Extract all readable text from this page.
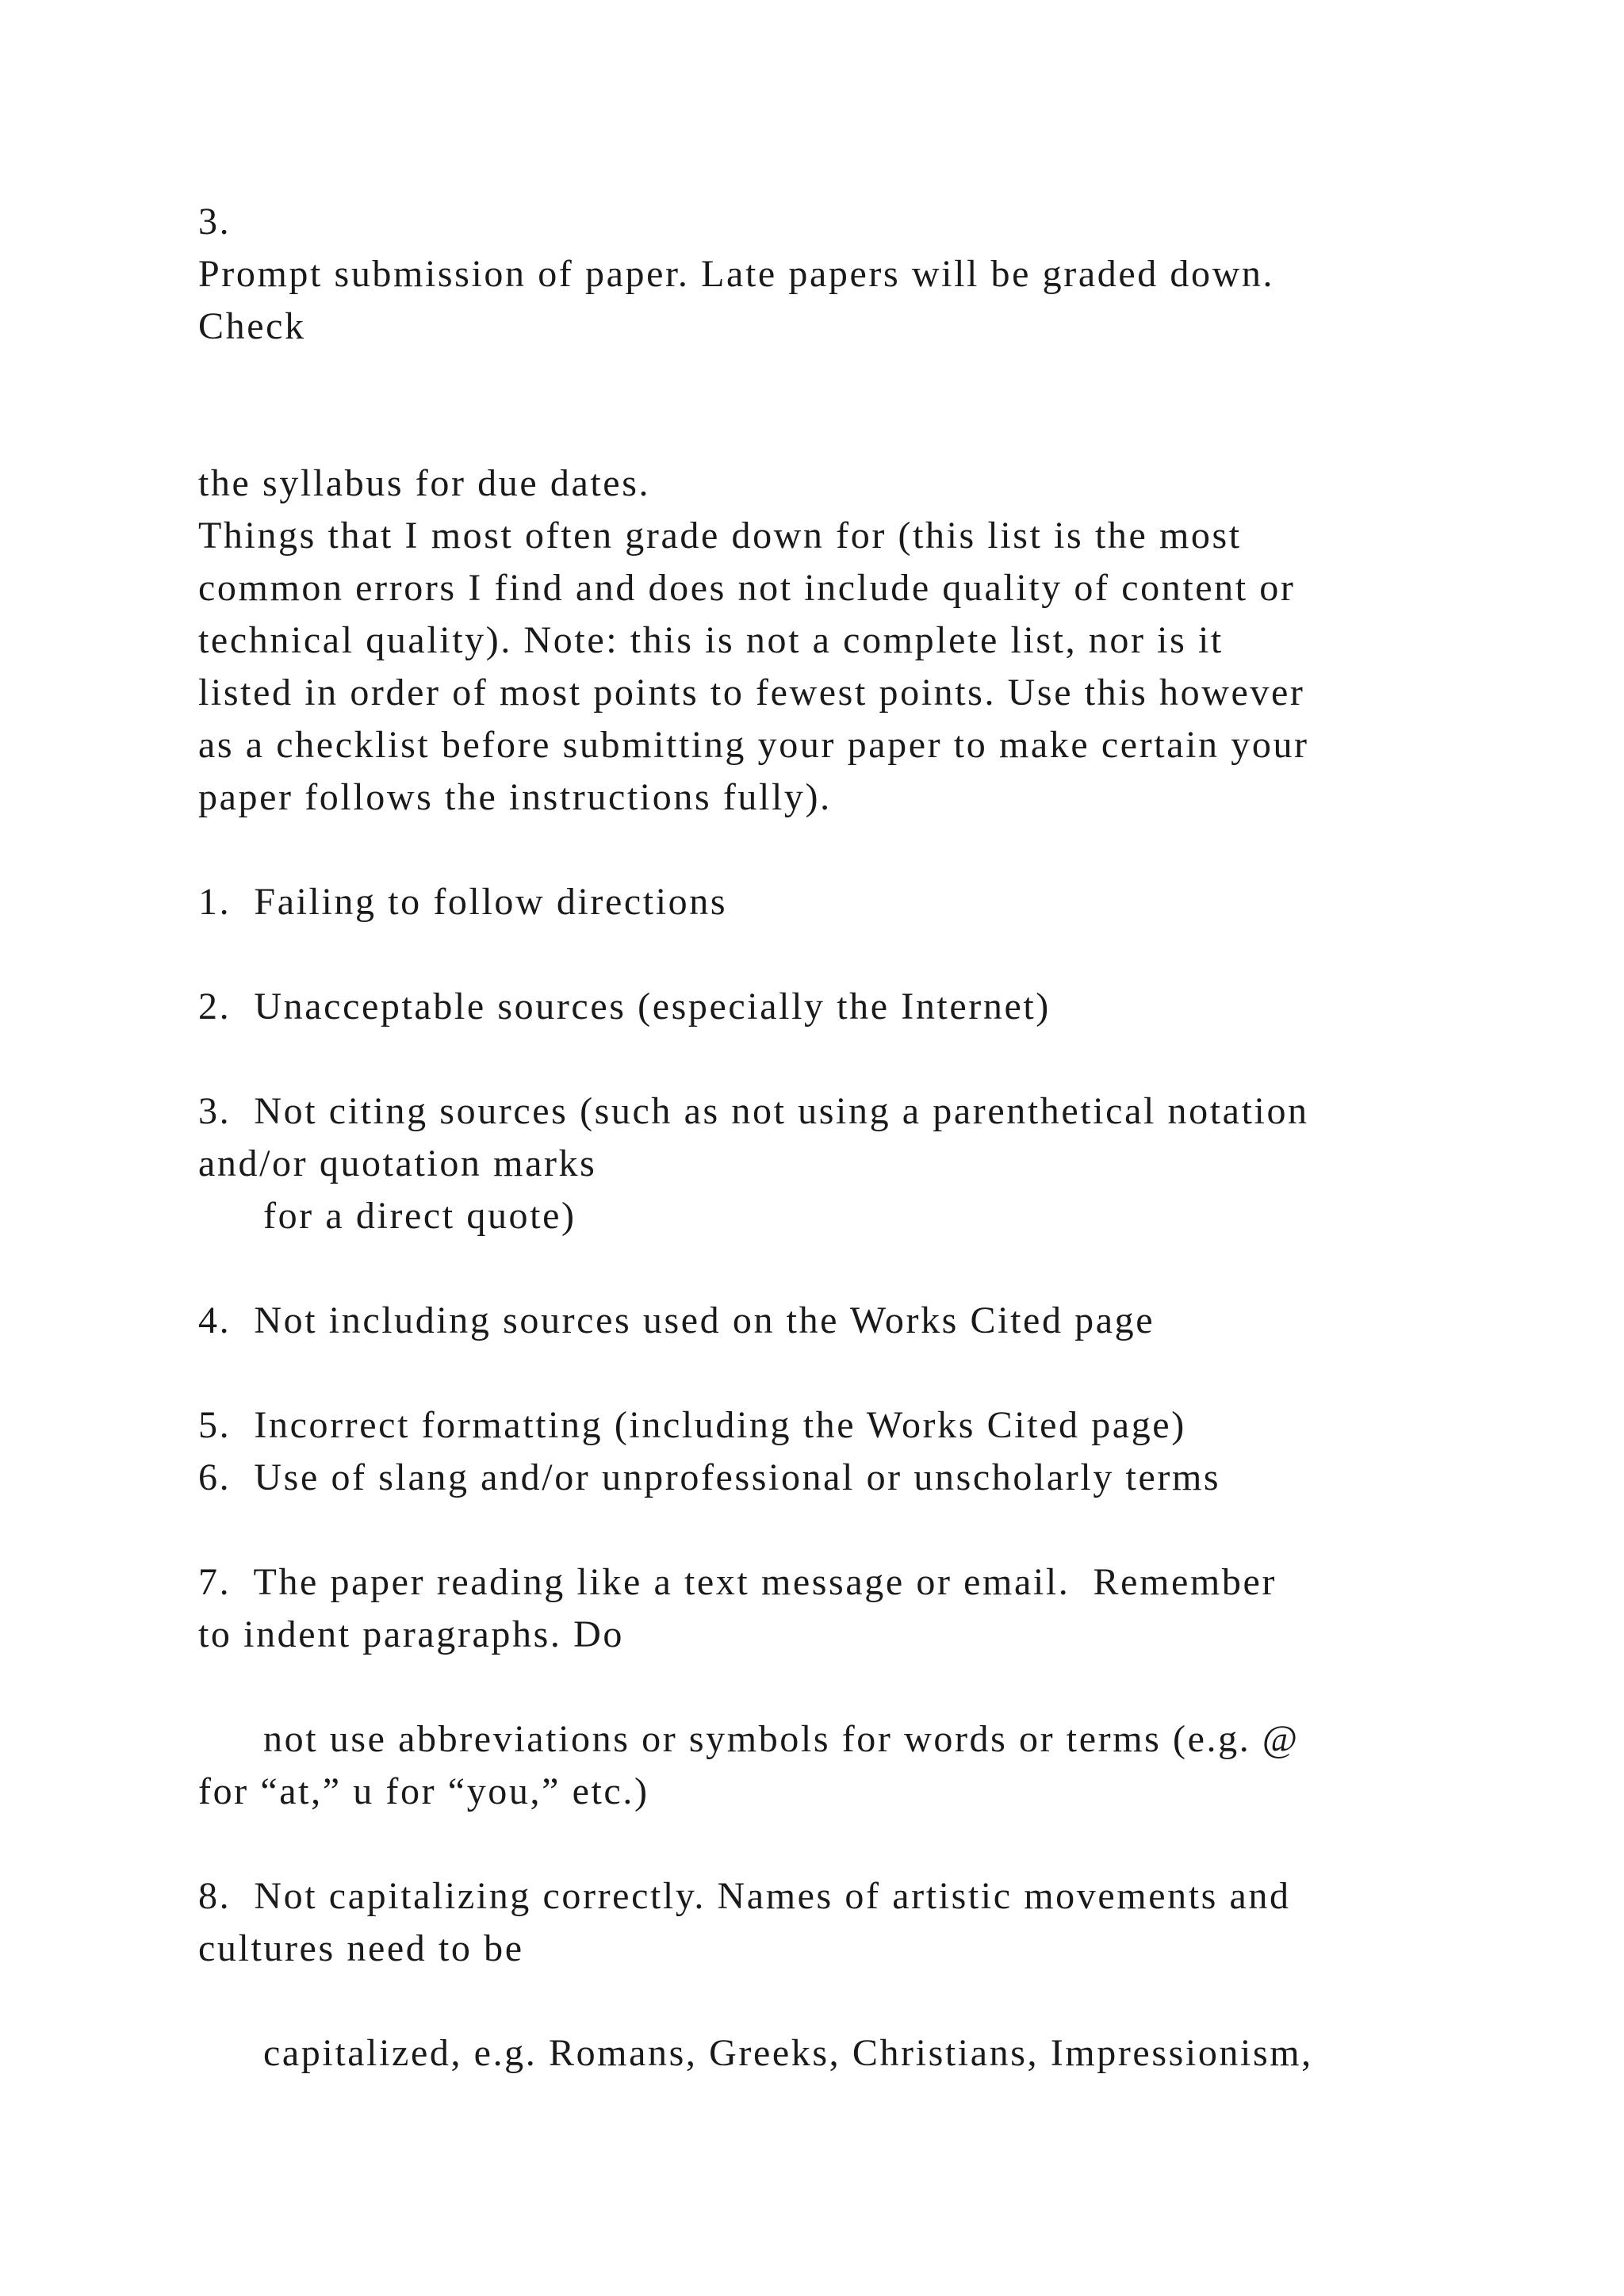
3.
Prompt submission of paper. Late papers will be graded down.
Check
the syllabus for due dates.
Things that I most often grade down for (this list is the most
common errors I find and does not include quality of content or
technical quality). Note: this is not a complete list, nor is it
listed in order of most points to fewest points. Use this however
as a checklist before submitting your paper to make certain your
paper follows the instructions fully).
1.  Failing to follow directions
2.  Unacceptable sources (especially the Internet)
3.  Not citing sources (such as not using a parenthetical notation
and/or quotation marks
for a direct quote)
4.  Not including sources used on the Works Cited page
5.  Incorrect formatting (including the Works Cited page)
6.  Use of slang and/or unprofessional or unscholarly terms
7.  The paper reading like a text message or email.  Remember
to indent paragraphs. Do
not use abbreviations or symbols for words or terms (e.g. @
for “at,” u for “you,” etc.)
8.  Not capitalizing correctly. Names of artistic movements and
cultures need to be
capitalized, e.g. Romans, Greeks, Christians, Impressionism,
